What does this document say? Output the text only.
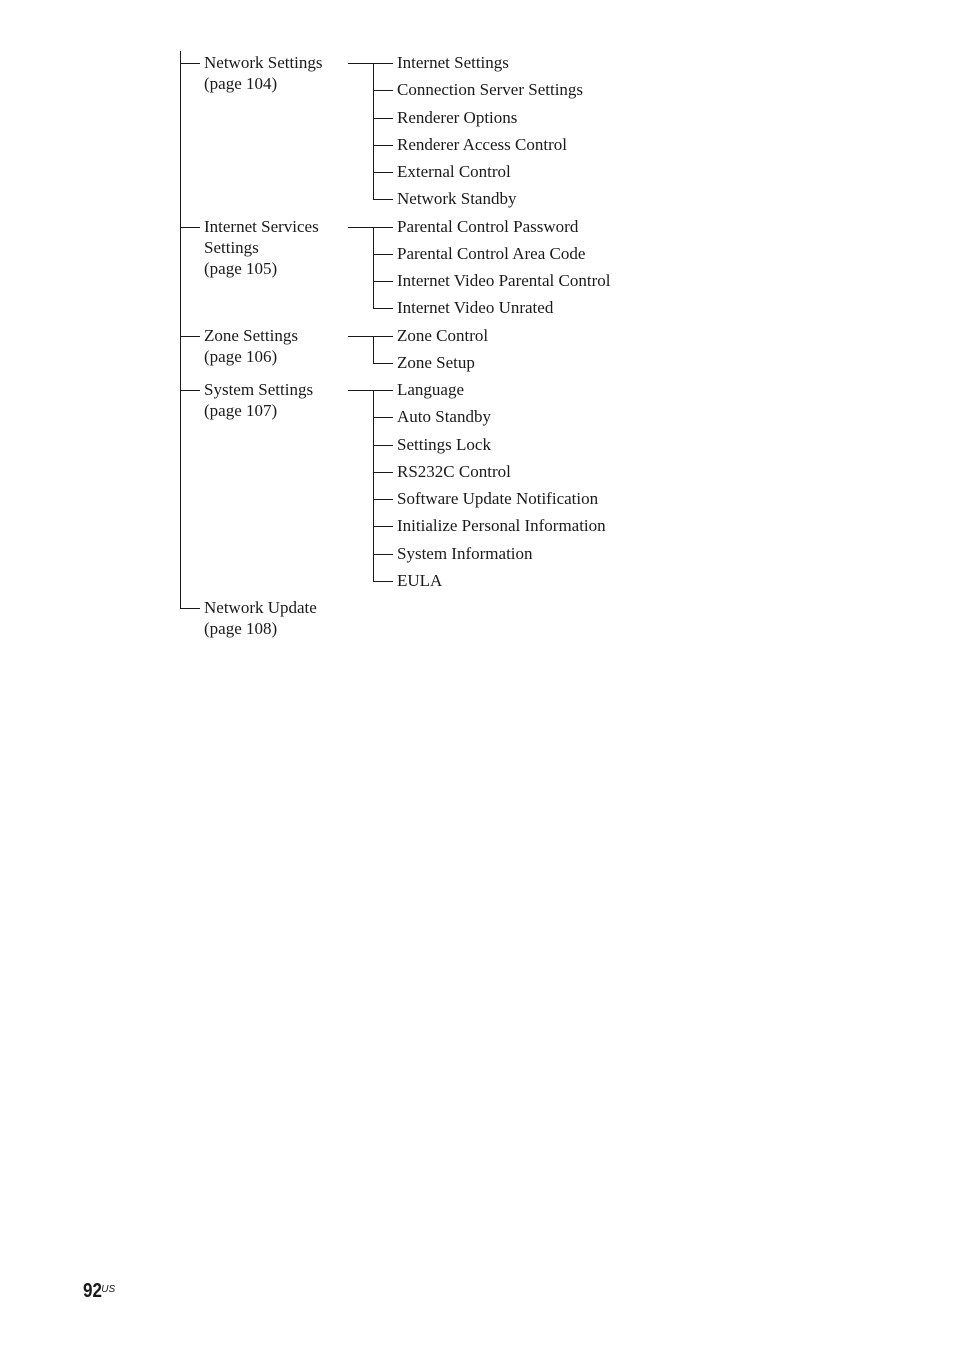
Network Settings
(page 104)
Internet Settings
Connection Server Settings
Renderer Options
Renderer Access Control
External Control
Network Standby
Internet Services
Settings
(page 105)
Parental Control Password
Parental Control Area Code
Internet Video Parental Control
Internet Video Unrated
Zone Settings
(page 106)
Zone Control
Zone Setup
System Settings
(page 107)
Language
Auto Standby
Settings Lock
RS232C Control
Software Update Notification
Initialize Personal Information
System Information
EULA
Network Update
(page 108)
$92^{US}$
